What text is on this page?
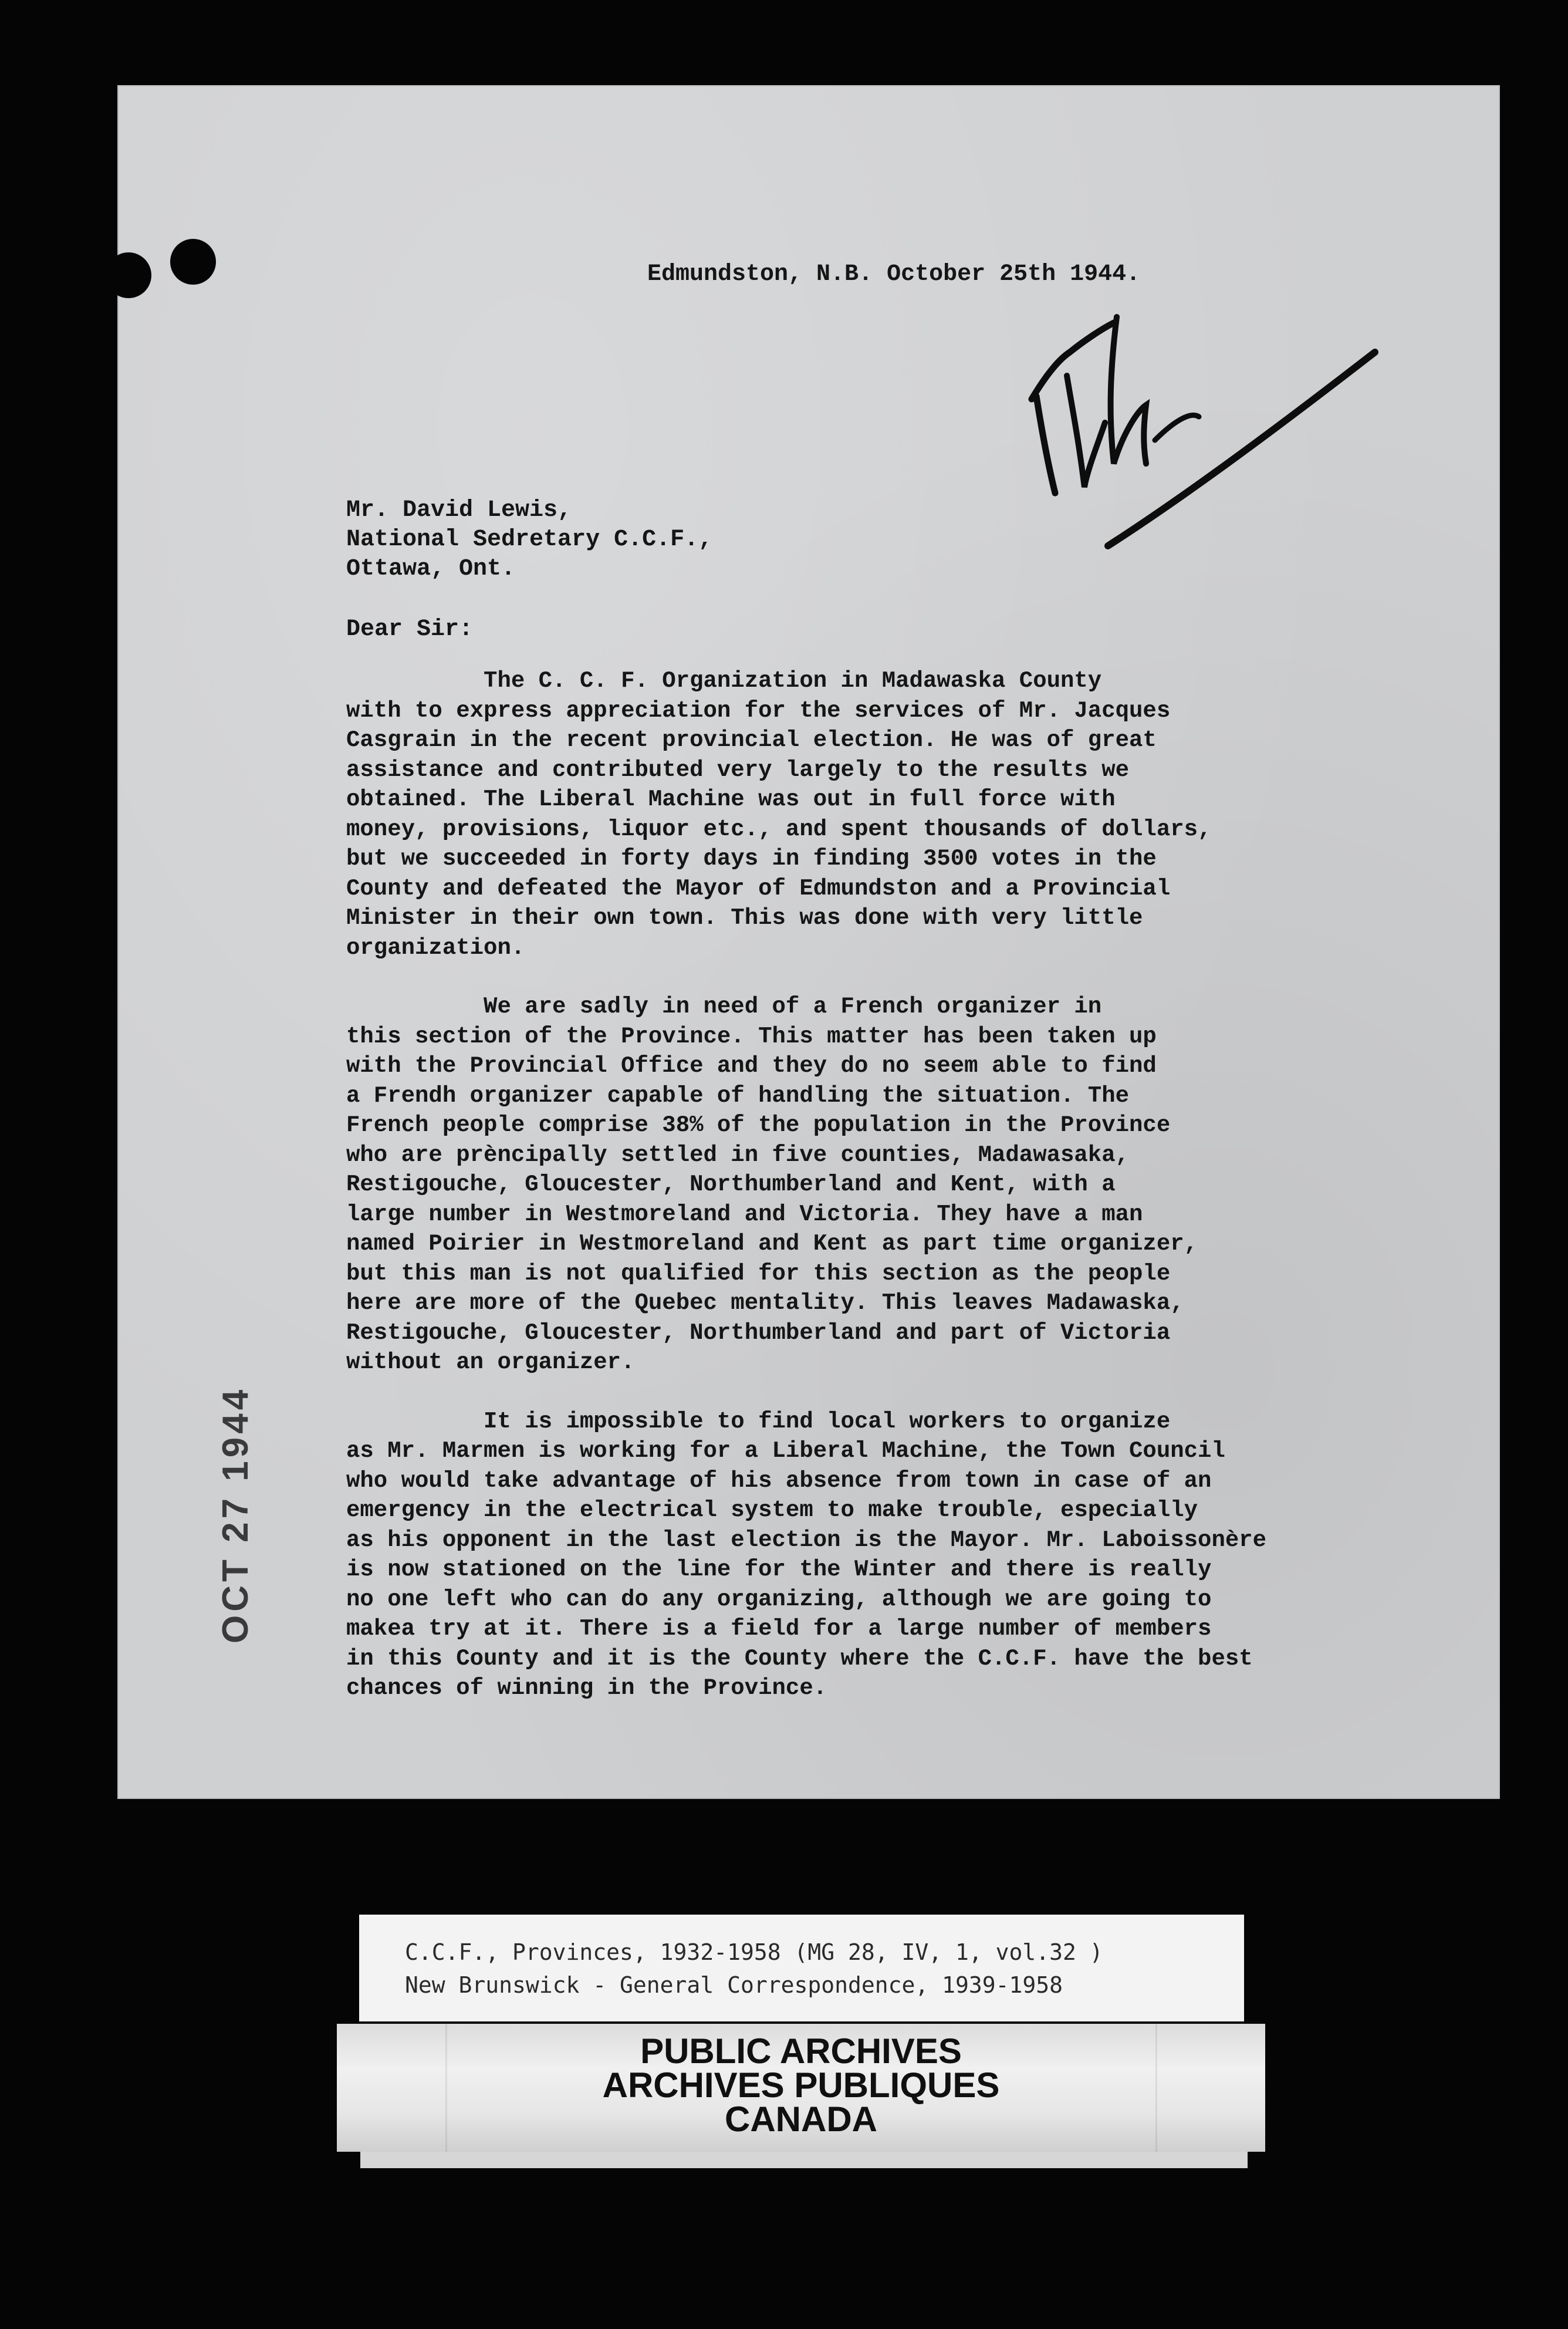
Edmundston, N.B. October 25th 1944.
Mr. David Lewis,
National Sedretary C.C.F.,
Ottawa, Ont.
Dear Sir:
The C. C. F. Organization in Madawaska County
with to express appreciation for the services of Mr. Jacques
Casgrain in the recent provincial election. He was of great
assistance and contributed very largely to the results we
obtained. The Liberal Machine was out in full force with
money, provisions, liquor etc., and spent thousands of dollars,
but we succeeded in forty days in finding 3500 votes in the
County and defeated the Mayor of Edmundston and a Provincial
Minister in their own town. This was done with very little
organization.
We are sadly in need of a French organizer in
this section of the Province. This matter has been taken up
with the Provincial Office and they do no seem able to find
a Frendh organizer capable of handling the situation. The
French people comprise 38% of the population in the Province
who are prèncipally settled in five counties, Madawasaka,
Restigouche, Gloucester, Northumberland and Kent, with a
large number in Westmoreland and Victoria. They have a man
named Poirier in Westmoreland and Kent as part time organizer,
but this man is not qualified for this section as the people
here are more of the Quebec mentality. This leaves Madawaska,
Restigouche, Gloucester, Northumberland and part of Victoria
without an organizer.
It is impossible to find local workers to organize
as Mr. Marmen is working for a Liberal Machine, the Town Council
who would take advantage of his absence from town in case of an
emergency in the electrical system to make trouble, especially
as his opponent in the last election is the Mayor. Mr. Laboissonère
is now stationed on the line for the Winter and there is really
no one left who can do any organizing, although we are going to
makea try at it. There is a field for a large number of members
in this County and it is the County where the C.C.F. have the best
chances of winning in the Province.
OCT 27 1944
C.C.F., Provinces, 1932-1958 (MG 28, IV, 1, vol.32 )
New Brunswick - General Correspondence, 1939-1958
PUBLIC ARCHIVES
ARCHIVES PUBLIQUES
CANADA
